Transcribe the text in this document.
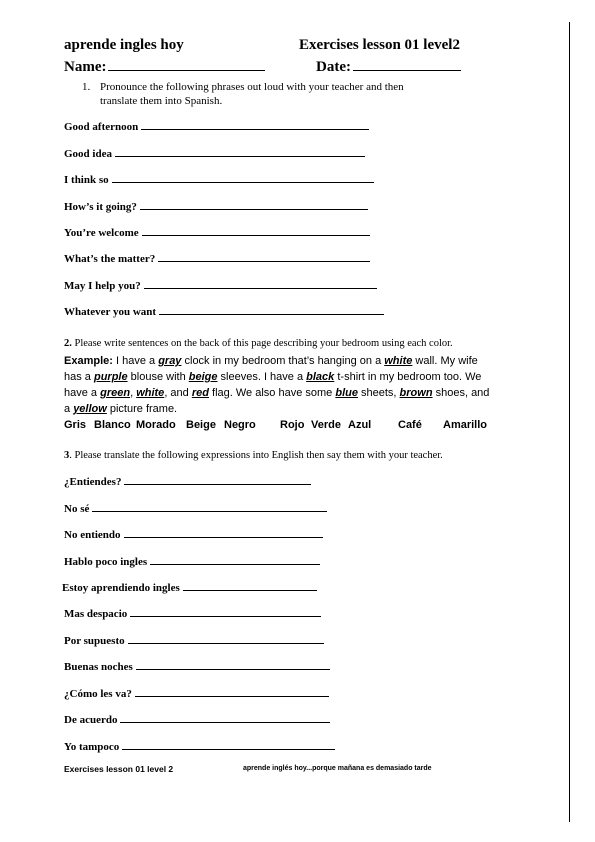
aprende ingles hoy	Exercises lesson 01 level2
Name:	Date:
1. Pronounce the following phrases out loud with your teacher and then
translate them into Spanish.
Good afternoon
Good idea
I think so
How’s it going?
You’re welcome
What’s the matter?
May I help you?
Whatever you want
2. Please write sentences on the back of this page describing your bedroom using each color.
Example: I have a gray clock in my bedroom that’s hanging on a white wall. My wife has a purple blouse with beige sleeves. I have a black t-shirt in my bedroom too. We have a green, white, and red flag. We also have some blue sheets, brown shoes, and a yellow picture frame.
Gris Blanco Morado Beige Negro Rojo Verde Azul Café Amarillo
3. Please translate the following expressions into English then say them with your teacher.
¿Entiendes?
No sé
No entiendo
Hablo poco ingles
Estoy aprendiendo ingles
Mas despacio
Por supuesto
Buenas noches
¿Cómo les va?
De acuerdo
Yo tampoco
Exercises lesson 01 level 2	aprende inglés hoy...porque mañana es demasiado tarde
